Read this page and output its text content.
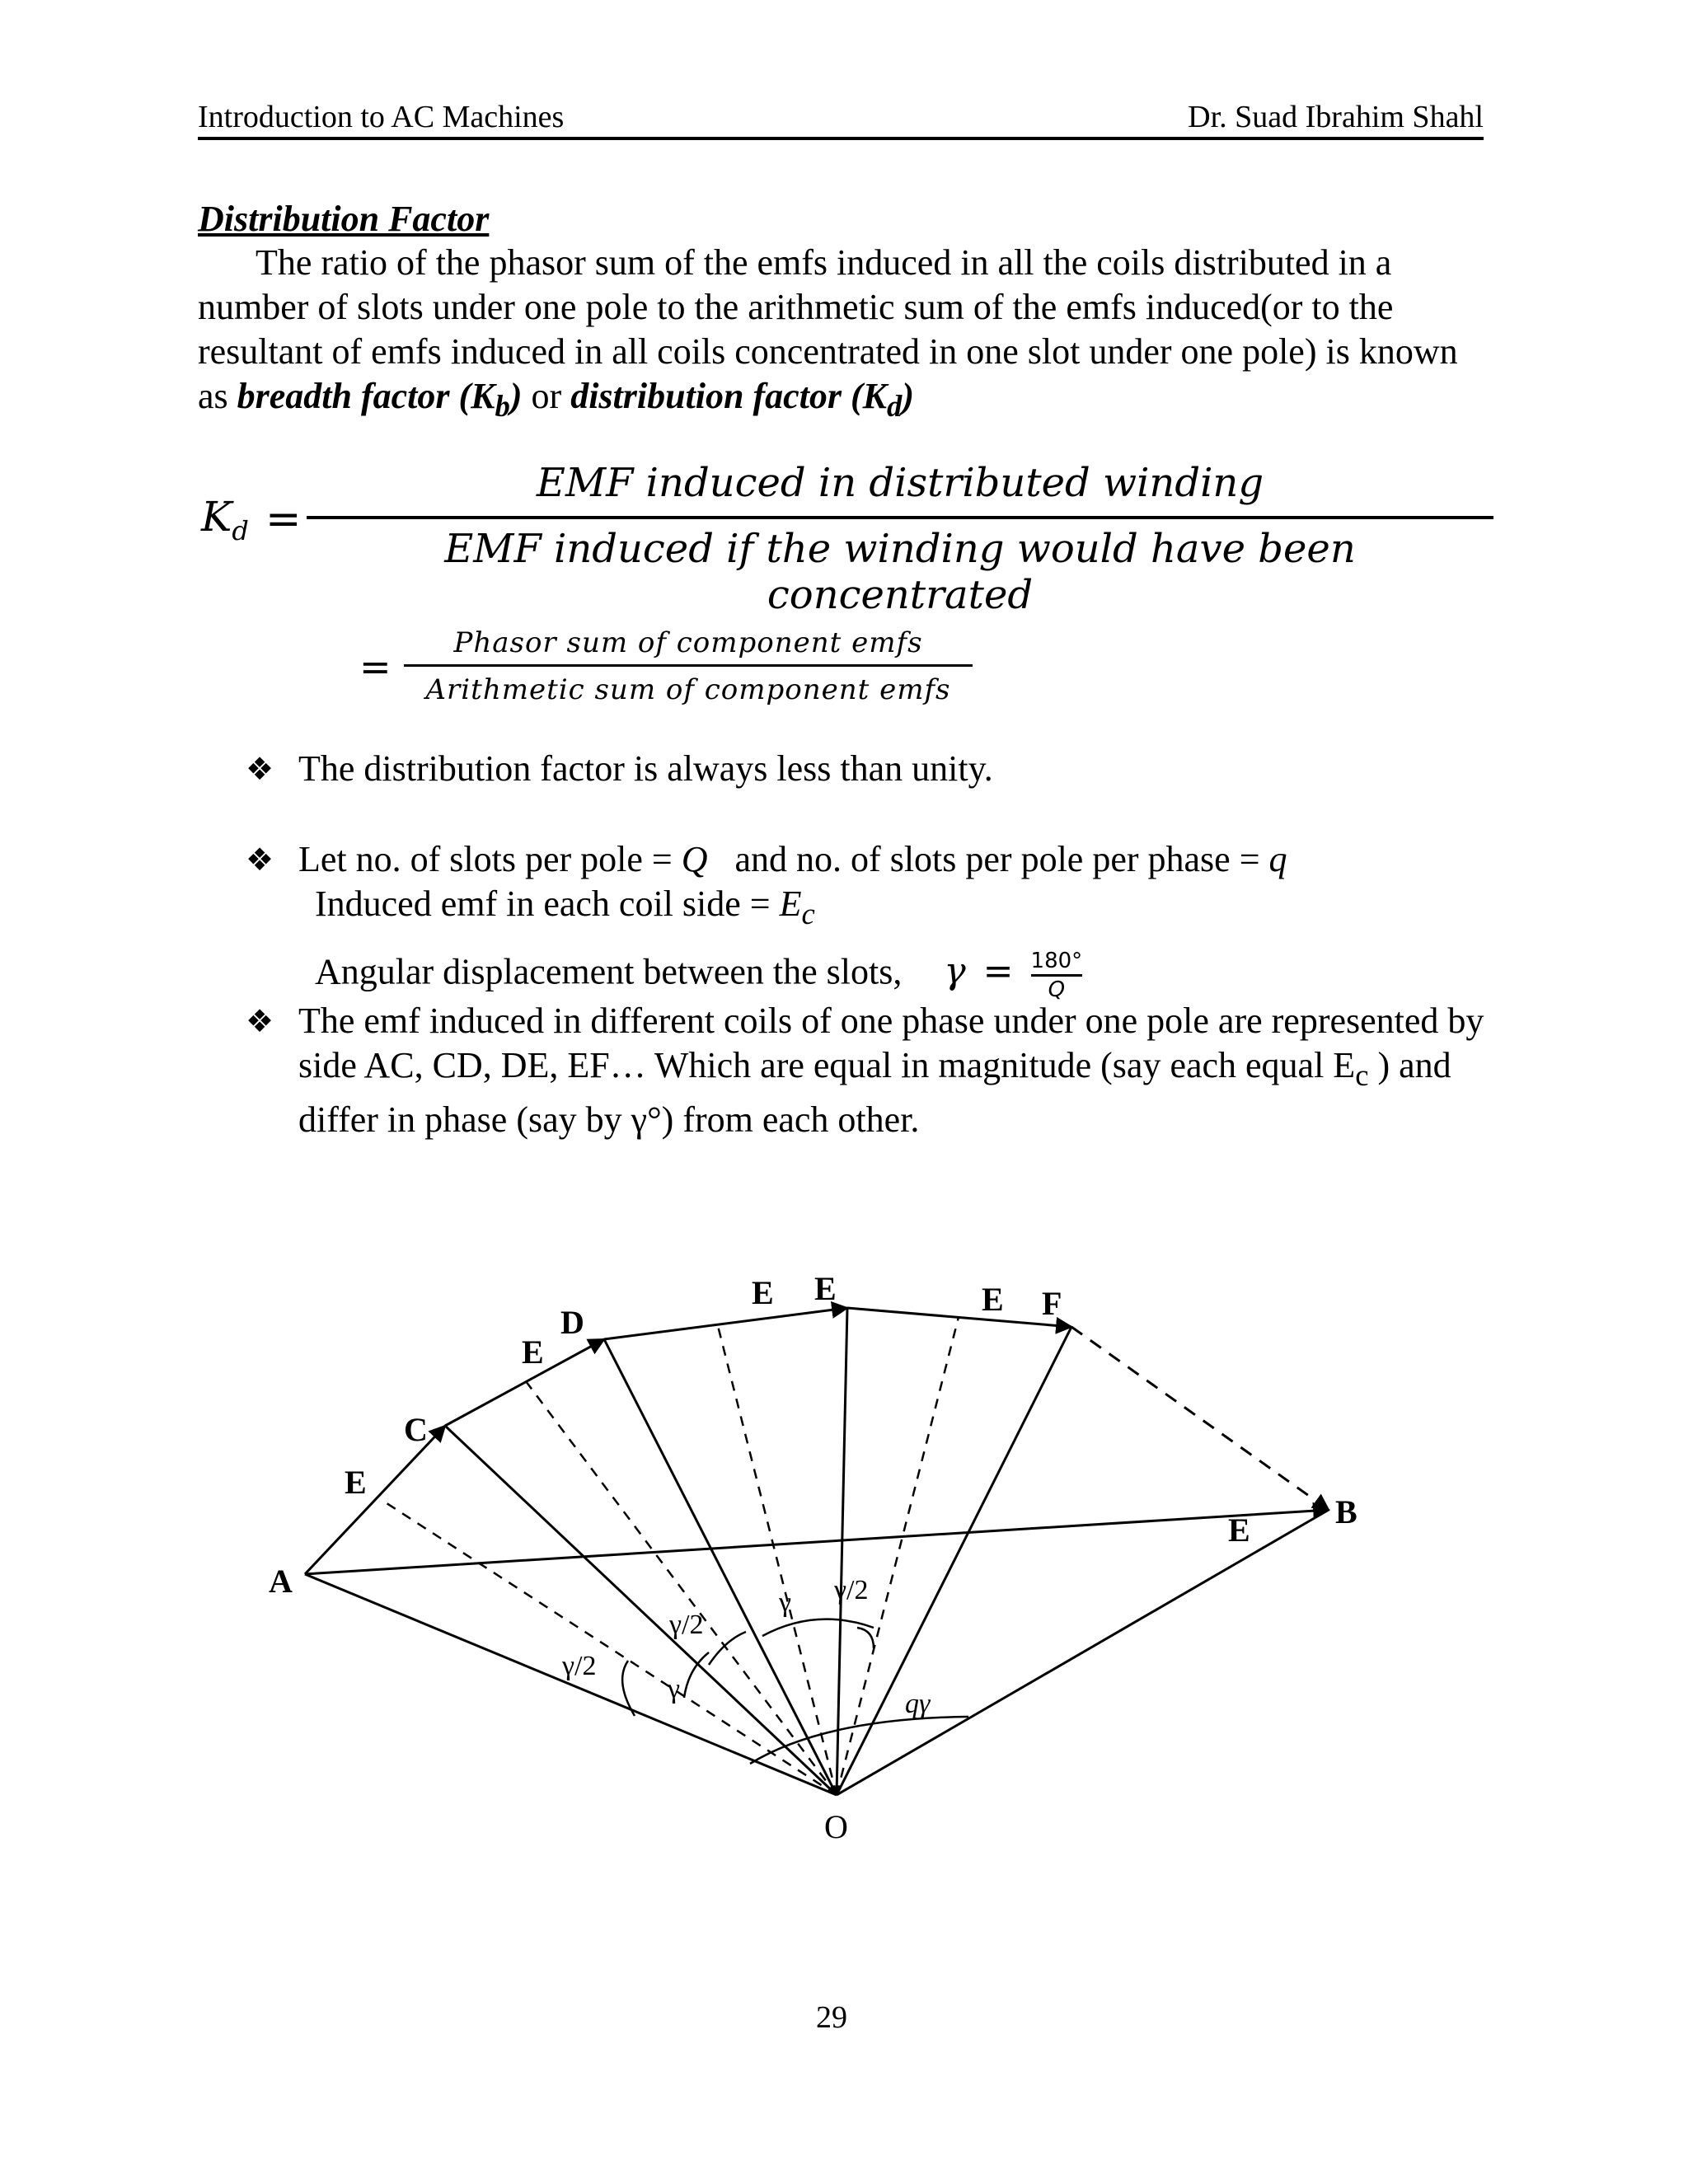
Introduction to AC Machines	Dr. Suad Ibrahim Shahl
Distribution Factor
The ratio of the phasor sum of the emfs induced in all the coils distributed in a number of slots under one pole to the arithmetic sum of the emfs induced(or to the resultant of emfs induced in all coils concentrated in one slot under one pole) is known as breadth factor $(K_b)$ or distribution factor $(K_d)$
$K_d$ =
EMF induced in distributed winding
EMF induced if the winding would have been concentrated
=
Phasor sum of component emfs
Arithmetic sum of component emfs
❖ The distribution factor is always less than unity.
❖ Let no. of slots per pole = Q   and no. of slots per pole per phase = q
Induced emf in each coil side = $E_c$
Angular displacement between the slots, $\gamma = \frac{180^\circ}{Q}$
❖ The emf induced in different coils of one phase under one pole are represented by side AC, CD, DE, EF… Which are equal in magnitude (say each equal $E_c$ ) and differ in phase (say by γ°) from each other.
A
C
D
E	F
B
O
E
E
E	E
E
γ/2
γ
γ/2
γ γ/2
qγ
29
